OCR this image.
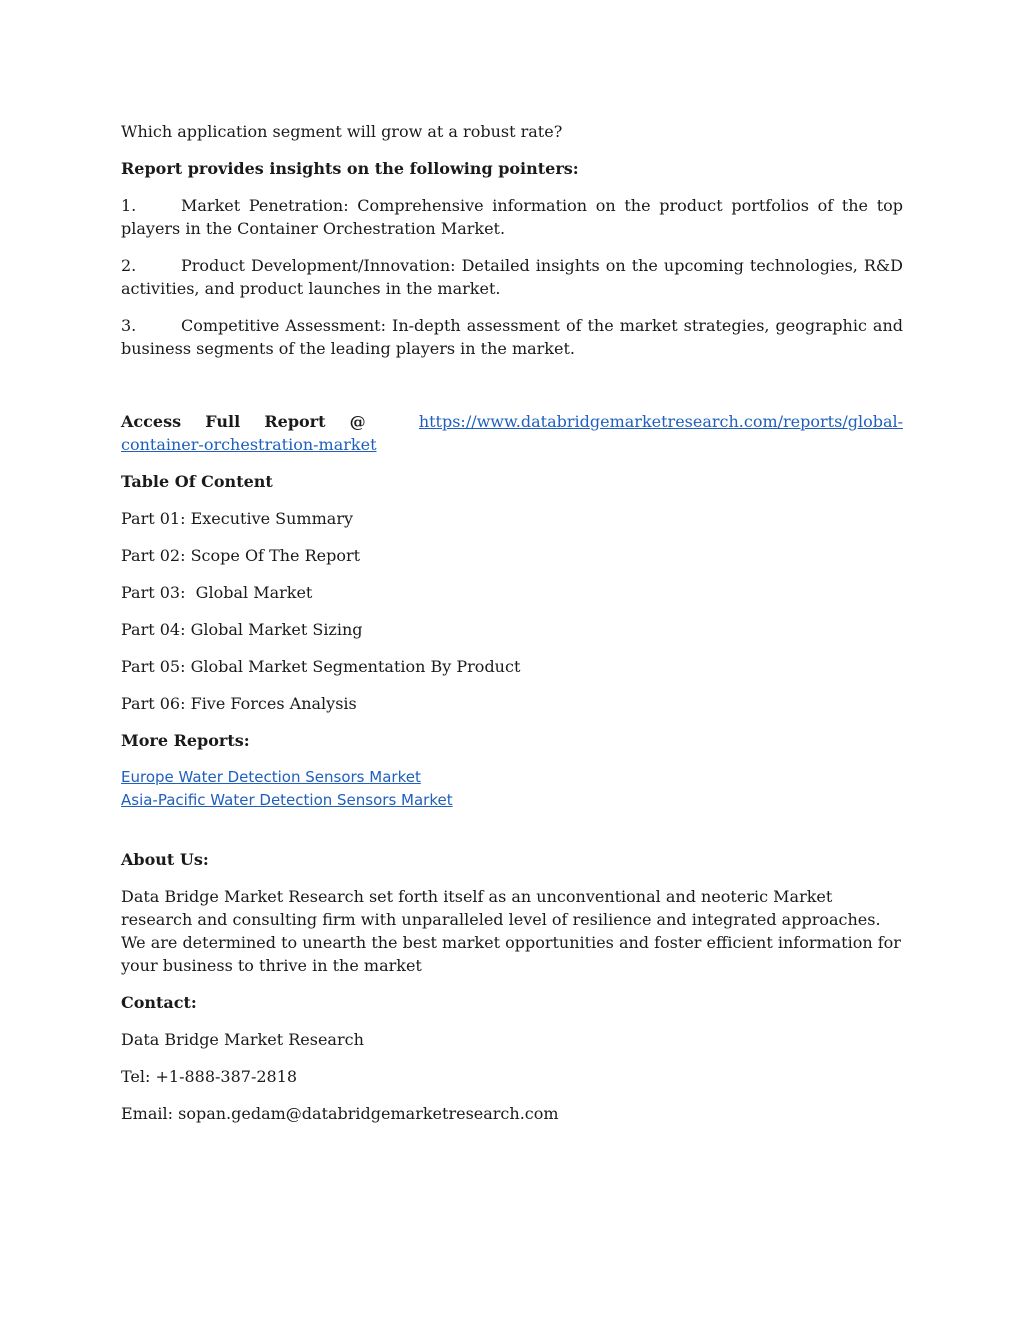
Which application segment will grow at a robust rate?

Report provides insights on the following pointers:

1.	Market Penetration: Comprehensive information on the product portfolios of the top players in the Container Orchestration Market.

2.	Product Development/Innovation: Detailed insights on the upcoming technologies, R&D activities, and product launches in the market.

3.	Competitive Assessment: In-depth assessment of the market strategies, geographic and business segments of the leading players in the market.

Access Full Report @	https://www.databridgemarketresearch.com/reports/global-container-orchestration-market

Table Of Content

Part 01: Executive Summary

Part 02: Scope Of The Report

Part 03:  Global Market

Part 04: Global Market Sizing

Part 05: Global Market Segmentation By Product

Part 06: Five Forces Analysis

More Reports:

Europe Water Detection Sensors Market
Asia-Pacific Water Detection Sensors Market

About Us:

Data Bridge Market Research set forth itself as an unconventional and neoteric Market research and consulting firm with unparalleled level of resilience and integrated approaches. We are determined to unearth the best market opportunities and foster efficient information for your business to thrive in the market

Contact:

Data Bridge Market Research

Tel: +1-888-387-2818

Email: sopan.gedam@databridgemarketresearch.com
